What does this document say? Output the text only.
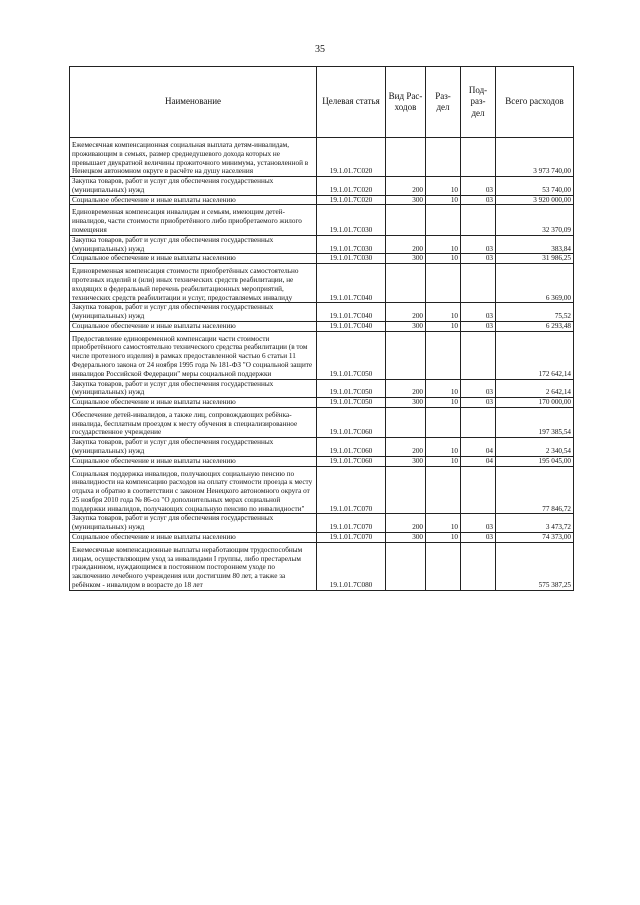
35
Наименование	Целевая статья	Вид Рас- ходов	Раз- дел	Под- раз- дел	Всего расходов
Ежемесячная компенсационная социальная выплата детям-инвалидам, проживающим в семьях, размер среднедушевого дохода которых не превышает двукратной величины прожиточного минимума, установленной в Ненецком автономном округе в расчёте на душу населения	19.1.01.7С020				3 973 740,00
Закупка товаров, работ и услуг для обеспечения государственных (муниципальных) нужд	19.1.01.7С020	200	10	03	53 740,00
Социальное обеспечение и иные выплаты населению	19.1.01.7С020	300	10	03	3 920 000,00
Единовременная компенсация инвалидам и семьям, имеющим детей-инвалидов, части стоимости приобретённого либо приобретаемого жилого помещения	19.1.01.7С030				32 370,09
Закупка товаров, работ и услуг для обеспечения государственных (муниципальных) нужд	19.1.01.7С030	200	10	03	383,84
Социальное обеспечение и иные выплаты населению	19.1.01.7С030	300	10	03	31 986,25
Единовременная компенсация стоимости приобретённых самостоятельно протезных изделий и (или) иных технических средств реабилитации, не входящих в федеральный перечень реабилитационных мероприятий, технических средств реабилитации и услуг, предоставляемых инвалиду	19.1.01.7С040				6 369,00
Закупка товаров, работ и услуг для обеспечения государственных (муниципальных) нужд	19.1.01.7С040	200	10	03	75,52
Социальное обеспечение и иные выплаты населению	19.1.01.7С040	300	10	03	6 293,48
Предоставление единовременной компенсации части стоимости приобретённого самостоятельно технического средства реабилитации (в том числе протезного изделия) в рамках предоставленной частью 6 статьи 11 Федерального закона от 24 ноября 1995 года № 181-ФЗ "О социальной защите инвалидов Российской Федерации" меры социальной поддержки	19.1.01.7С050				172 642,14
Закупка товаров, работ и услуг для обеспечения государственных (муниципальных) нужд	19.1.01.7С050	200	10	03	2 642,14
Социальное обеспечение и иные выплаты населению	19.1.01.7С050	300	10	03	170 000,00
Обеспечение детей-инвалидов, а также лиц, сопровождающих ребёнка-инвалида, бесплатным проездом к месту обучения в специализированное государственное учреждение	19.1.01.7С060				197 385,54
Закупка товаров, работ и услуг для обеспечения государственных (муниципальных) нужд	19.1.01.7С060	200	10	04	2 340,54
Социальное обеспечение и иные выплаты населению	19.1.01.7С060	300	10	04	195 045,00
Социальная поддержка инвалидов, получающих социальную пенсию по инвалидности на компенсацию расходов на оплату стоимости проезда к месту отдыха и обратно в соответствии с законом Ненецкого автономного округа от 25 ноября 2010 года № 86-оз "О дополнительных мерах социальной поддержки инвалидов, получающих социальную пенсию по инвалидности"	19.1.01.7С070				77 846,72
Закупка товаров, работ и услуг для обеспечения государственных (муниципальных) нужд	19.1.01.7С070	200	10	03	3 473,72
Социальное обеспечение и иные выплаты населению	19.1.01.7С070	300	10	03	74 373,00
Ежемесячные компенсационные выплаты неработающим трудоспособным лицам, осуществляющим уход за инвалидами I группы, либо престарелым гражданином, нуждающимся в постоянном постороннем уходе по заключению лечебного учреждения или достигшим 80 лет, а также за ребёнком - инвалидом в возрасте до 18 лет	19.1.01.7С080				575 387,25
